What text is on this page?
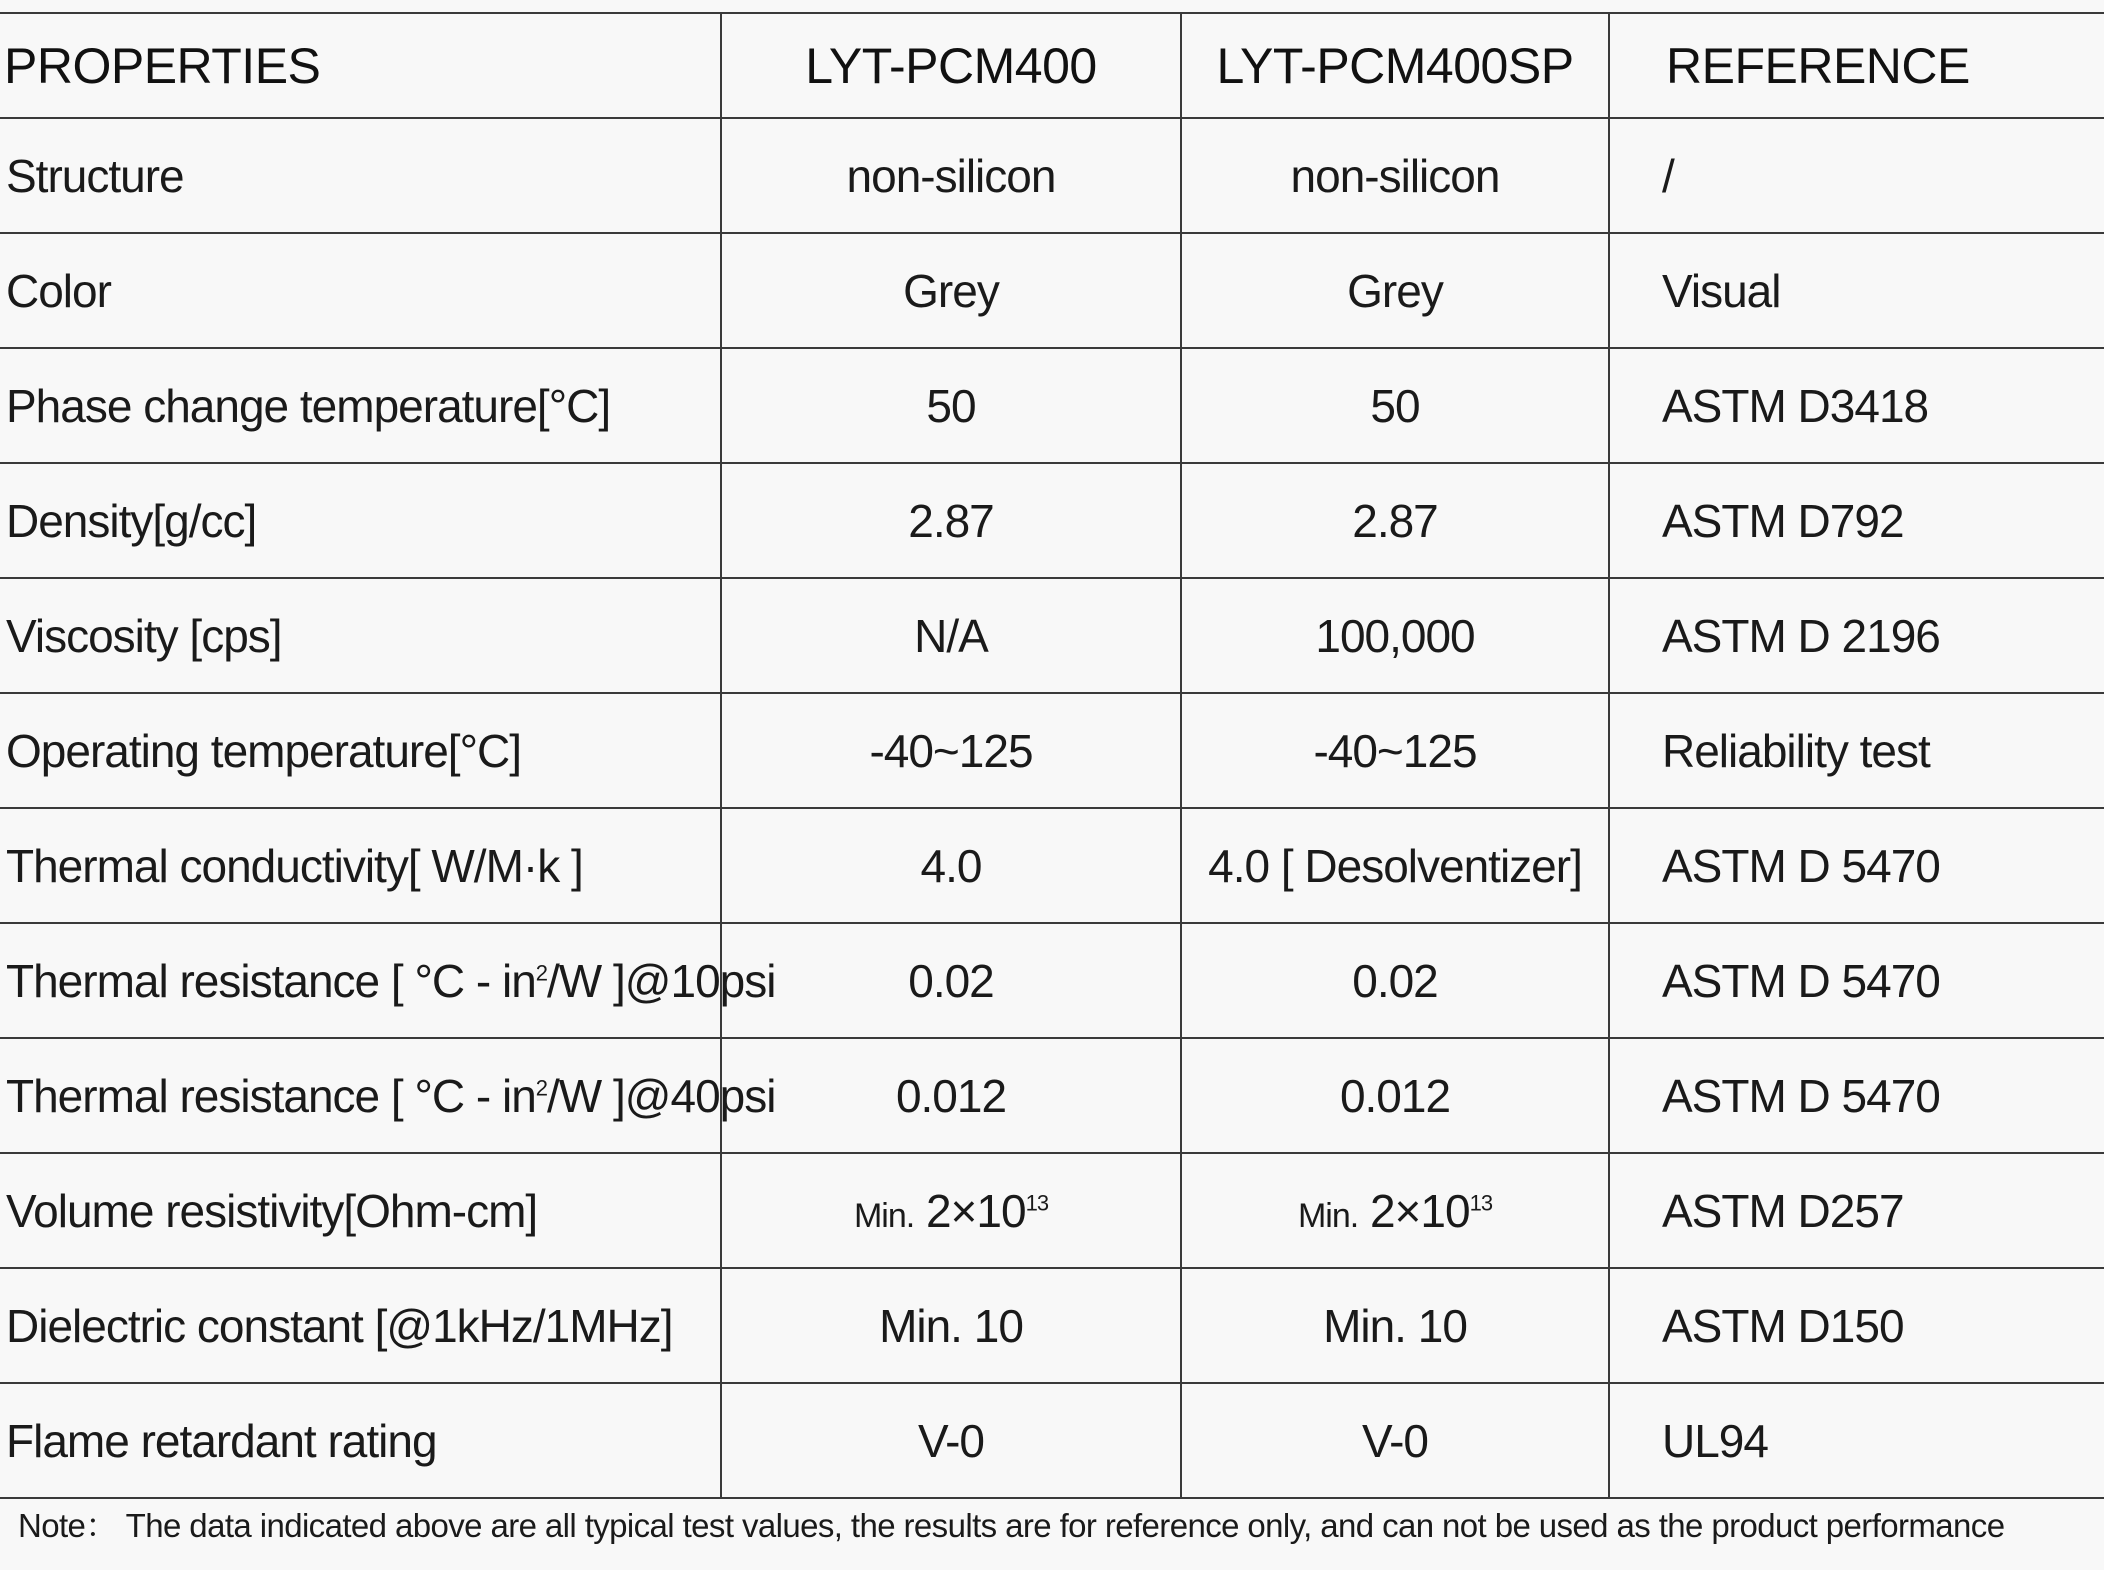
PROPERTIES	LYT-PCM400	LYT-PCM400SP	REFERENCE
Structure	non-silicon	non-silicon	/
Color	Grey	Grey	Visual
Phase change temperature[°C]	50	50	ASTM D3418
Density[g/cc]	2.87	2.87	ASTM D792
Viscosity [cps]	N/A	100,000	ASTM D 2196
Operating temperature[°C]	-40~125	-40~125	Reliability test
Thermal conductivity[ W/M·k ]	4.0	4.0 [ Desolventizer]	ASTM D 5470
Thermal resistance [ $^\circ C - in^2/W$ ]@10psi	0.02	0.02	ASTM D 5470
Thermal resistance [ $^\circ C - in^2/W$ ]@40psi	0.012	0.012	ASTM D 5470
Volume resistivity[Ohm-cm]	Min. $2\times 10^{13}$	Min. $2\times 10^{13}$	ASTM D257
Dielectric constant [@1kHz/1MHz]	Min. 10	Min. 10	ASTM D150
Flame retardant rating	V-0	V-0	UL94
Note： The data indicated above are all typical test values, the results are for reference only, and can not be used as the product performance
